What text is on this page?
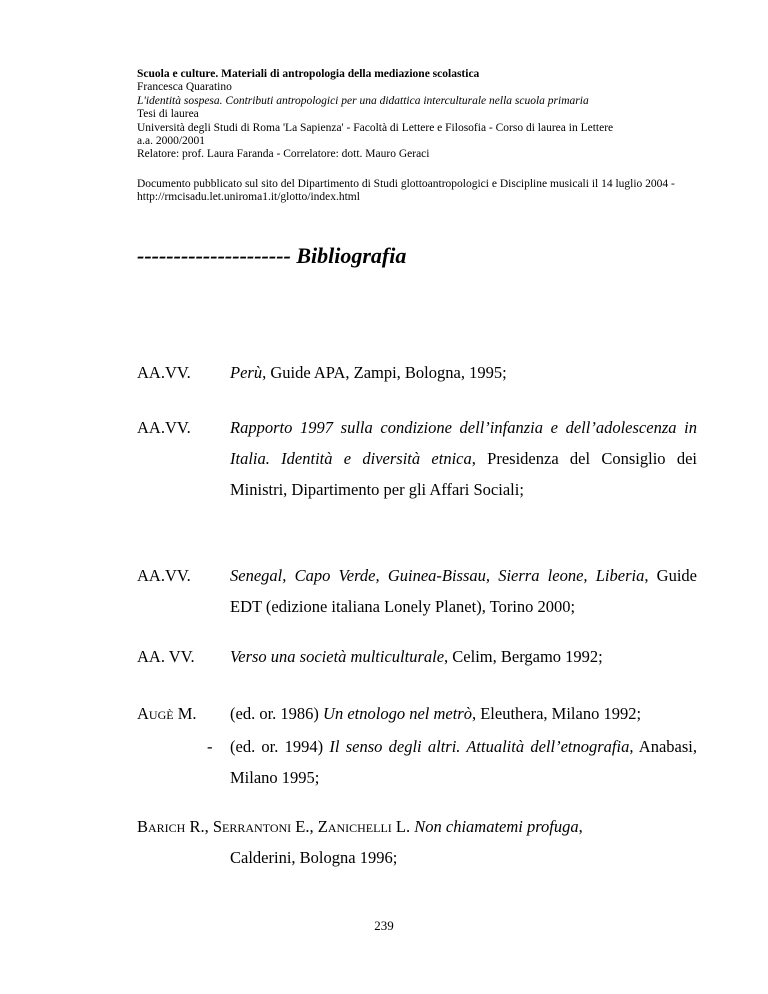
Scuola e culture. Materiali di antropologia della mediazione scolastica
Francesca Quaratino
L'identità sospesa. Contributi antropologici per una didattica interculturale nella scuola primaria
Tesi di laurea
Università degli Studi di Roma 'La Sapienza' - Facoltà di Lettere e Filosofia - Corso di laurea in Lettere
a.a. 2000/2001
Relatore: prof. Laura Faranda - Correlatore: dott. Mauro Geraci
Documento pubblicato sul sito del Dipartimento di Studi glottoantropologici e Discipline musicali il 14 luglio 2004 -
http://rmcisadu.let.uniroma1.it/glotto/index.html
--------------------- Bibliografia
AA.VV.	Perù, Guide APA, Zampi, Bologna, 1995;
AA.VV.	Rapporto 1997 sulla condizione dell’infanzia e dell’adolescenza in Italia. Identità e diversità etnica, Presidenza del Consiglio dei Ministri, Dipartimento per gli Affari Sociali;
AA.VV.	Senegal, Capo Verde, Guinea-Bissau, Sierra leone, Liberia, Guide EDT (edizione italiana Lonely Planet), Torino 2000;
AA. VV.	Verso una società multiculturale, Celim, Bergamo 1992;
Augè M.	(ed. or. 1986) Un etnologo nel metrò, Eleuthera, Milano 1992;
- (ed. or. 1994) Il senso degli altri. Attualità dell’etnografia, Anabasi, Milano 1995;
Barich R., Serrantoni E., Zanichelli L. Non chiamatemi profuga,
Calderini, Bologna 1996;
239
